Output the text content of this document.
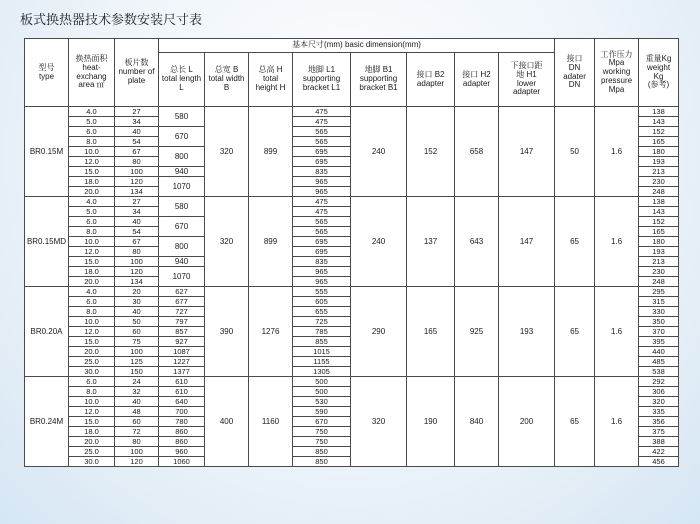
板式换热器技术参数安装尺寸表
型号
type	换热面积
heat-exchang
area ㎡	板片数
number of
plate	基本尺寸(mm) basic dimension(mm)								接口
DN
adater
DN	工作压力
Mpa
working
pressure
Mpa	重量Kg
weight
Kg
(参考)
			总长 L
total length
L	总宽 B
total width
B	总高 H
total
height H	地脚 L1
supporting
bracket L1	地脚 B1
supporting
bracket B1	接口 B2
adapter	接口 H2
adapter	下接口距
地 H1
lower
adapter			
BR0.15M	4.0	27	580	320	899	475	240	152	658	147	50	1.6	138
	5.0	34				475							143
	6.0	40	670			565							152
	8.0	54				565							165
	10.0	67	800			695							180
	12.0	80				695							193
	15.0	100	940			835							213
	18.0	120	1070			965							230
	20.0	134				965							248
BR0.15MD	4.0	27	580	320	899	475	240	137	643	147	65	1.6	138
	5.0	34				475							143
	6.0	40	670			565							152
	8.0	54				565							165
	10.0	67	800			695							180
	12.0	80				695							193
	15.0	100	940			835							213
	18.0	120	1070			965							230
	20.0	134				965							248
BR0.20A	4.0	20	627	390	1276	555	290	165	925	193	65	1.6	295
	6.0	30	677			605							315
	8.0	40	727			655							330
	10.0	50	797			725							350
	12.0	60	857			785							370
	15.0	75	927			855							395
	20.0	100	1087			1015							440
	25.0	125	1227			1155							485
	30.0	150	1377			1305							538
BR0.24M	6.0	24	610	400	1160	500	320	190	840	200	65	1.6	292
	8.0	32	610			500							306
	10.0	40	640			530							320
	12.0	48	700			590							335
	15.0	60	780			670							356
	18.0	72	860			750							375
	20.0	80	860			750							388
	25.0	100	960			850							422
	30.0	120	1060			850							456
